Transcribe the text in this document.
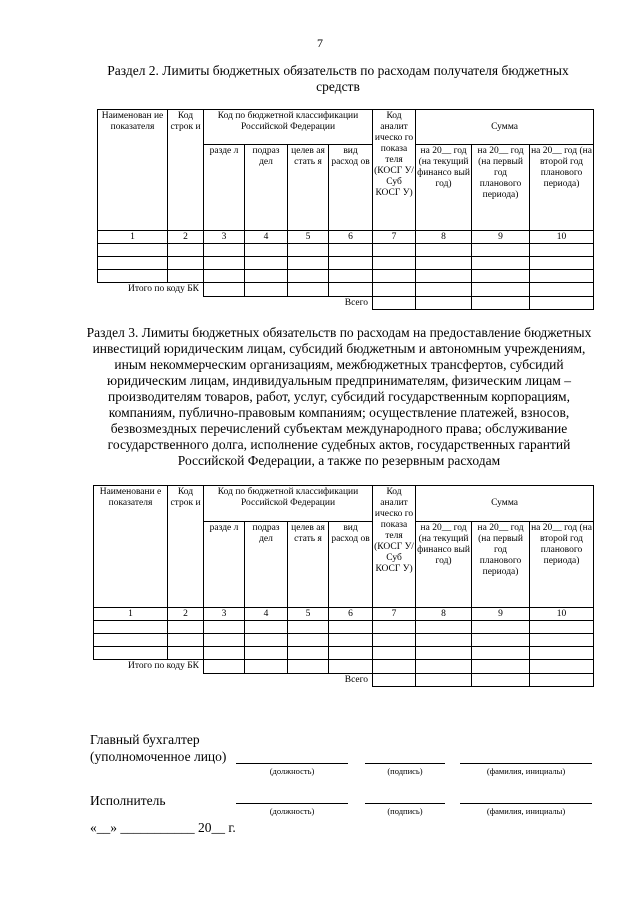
7
Раздел 2. Лимиты бюджетных обязательств по расходам получателя бюджетных средств
Наименован ие показателя	Код строк и	Код по бюджетной классификации Российской Федерации				Код аналит ическо го показа теля (КОСГ У/Суб КОСГ У)	Сумма		
		разде л	подраз дел	целев ая стать я	вид расход ов		на 20__ год (на текущий финансо вый год)	на 20__ год (на первый год планового периода)	на 20__ год (на второй год планового периода)
1	2	3	4	5	6	7	8	9	10

Итого по коду БК									
Всего									
Раздел 3. Лимиты бюджетных обязательств по расходам на предоставление бюджетных инвестиций юридическим лицам, субсидий бюджетным и автономным учреждениям, иным некоммерческим организациям, межбюджетных трансфертов, субсидий юридическим лицам, индивидуальным предпринимателям, физическим лицам – производителям товаров, работ, услуг, субсидий государственным корпорациям, компаниям, публично-правовым компаниям; осуществление платежей, взносов, безвозмездных перечислений субъектам международного права; обслуживание государственного долга, исполнение судебных актов, государственных гарантий Российской Федерации, а также по резервным расходам
Наименовани е показателя	Код строк и	Код по бюджетной классификации Российской Федерации				Код аналит ическо го показа теля (КОСГ У/Суб КОСГ У)	Сумма		
		разде л	подраз дел	целев ая стать я	вид расход ов		на 20__ год (на текущий финансо вый год)	на 20__ год (на первый год планового периода)	на 20__ год (на второй год планового периода)
1	2	3	4	5	6	7	8	9	10

Итого по коду БК									
Всего									
Главный бухгалтер
(уполномоченное лицо)
(должность)	(подпись)	(фамилия, инициалы)
Исполнитель
(должность)	(подпись)	(фамилия, инициалы)
«__» ___________ 20__ г.
